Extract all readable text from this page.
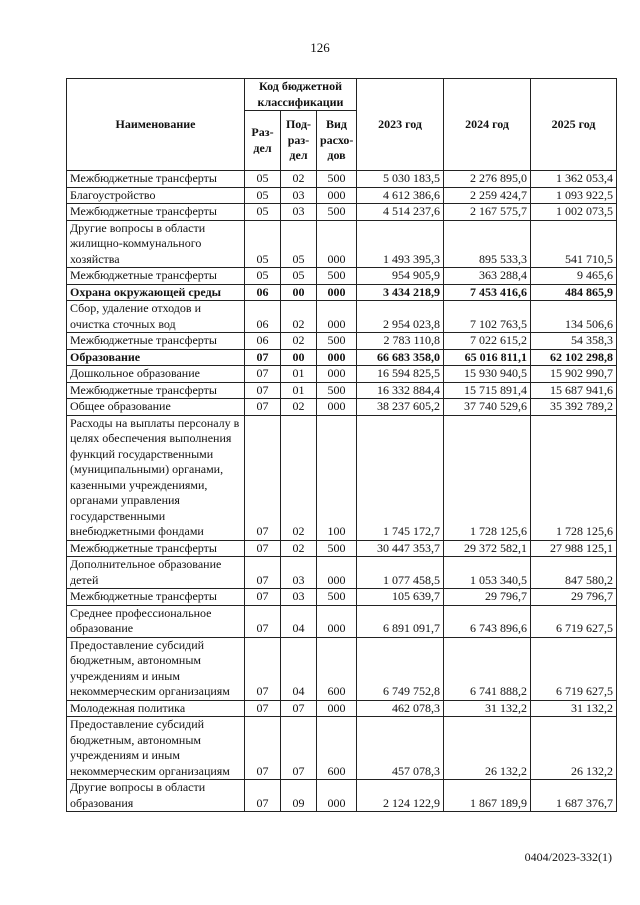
126
Наименование	Код бюджетной классификации			2023 год	2024 год	2025 год
	Раз- дел	Под- раз- дел	Вид расхо- дов			
Межбюджетные трансферты	05	02	500	5 030 183,5	2 276 895,0	1 362 053,4
Благоустройство	05	03	000	4 612 386,6	2 259 424,7	1 093 922,5
Межбюджетные трансферты	05	03	500	4 514 237,6	2 167 575,7	1 002 073,5
Другие вопросы в области жилищно-коммунального хозяйства	05	05	000	1 493 395,3	895 533,3	541 710,5
Межбюджетные трансферты	05	05	500	954 905,9	363 288,4	9 465,6
Охрана окружающей среды	06	00	000	3 434 218,9	7 453 416,6	484 865,9
Сбор, удаление отходов и очистка сточных вод	06	02	000	2 954 023,8	7 102 763,5	134 506,6
Межбюджетные трансферты	06	02	500	2 783 110,8	7 022 615,2	54 358,3
Образование	07	00	000	66 683 358,0	65 016 811,1	62 102 298,8
Дошкольное образование	07	01	000	16 594 825,5	15 930 940,5	15 902 990,7
Межбюджетные трансферты	07	01	500	16 332 884,4	15 715 891,4	15 687 941,6
Общее образование	07	02	000	38 237 605,2	37 740 529,6	35 392 789,2
Расходы на выплаты персоналу в целях обеспечения выполнения функций государственными (муниципальными) органами, казенными учреждениями, органами управления государственными внебюджетными фондами	07	02	100	1 745 172,7	1 728 125,6	1 728 125,6
Межбюджетные трансферты	07	02	500	30 447 353,7	29 372 582,1	27 988 125,1
Дополнительное образование детей	07	03	000	1 077 458,5	1 053 340,5	847 580,2
Межбюджетные трансферты	07	03	500	105 639,7	29 796,7	29 796,7
Среднее профессиональное образование	07	04	000	6 891 091,7	6 743 896,6	6 719 627,5
Предоставление субсидий бюджетным, автономным учреждениям и иным некоммерческим организациям	07	04	600	6 749 752,8	6 741 888,2	6 719 627,5
Молодежная политика	07	07	000	462 078,3	31 132,2	31 132,2
Предоставление субсидий бюджетным, автономным учреждениям и иным некоммерческим организациям	07	07	600	457 078,3	26 132,2	26 132,2
Другие вопросы в области образования	07	09	000	2 124 122,9	1 867 189,9	1 687 376,7
0404/2023-332(1)
